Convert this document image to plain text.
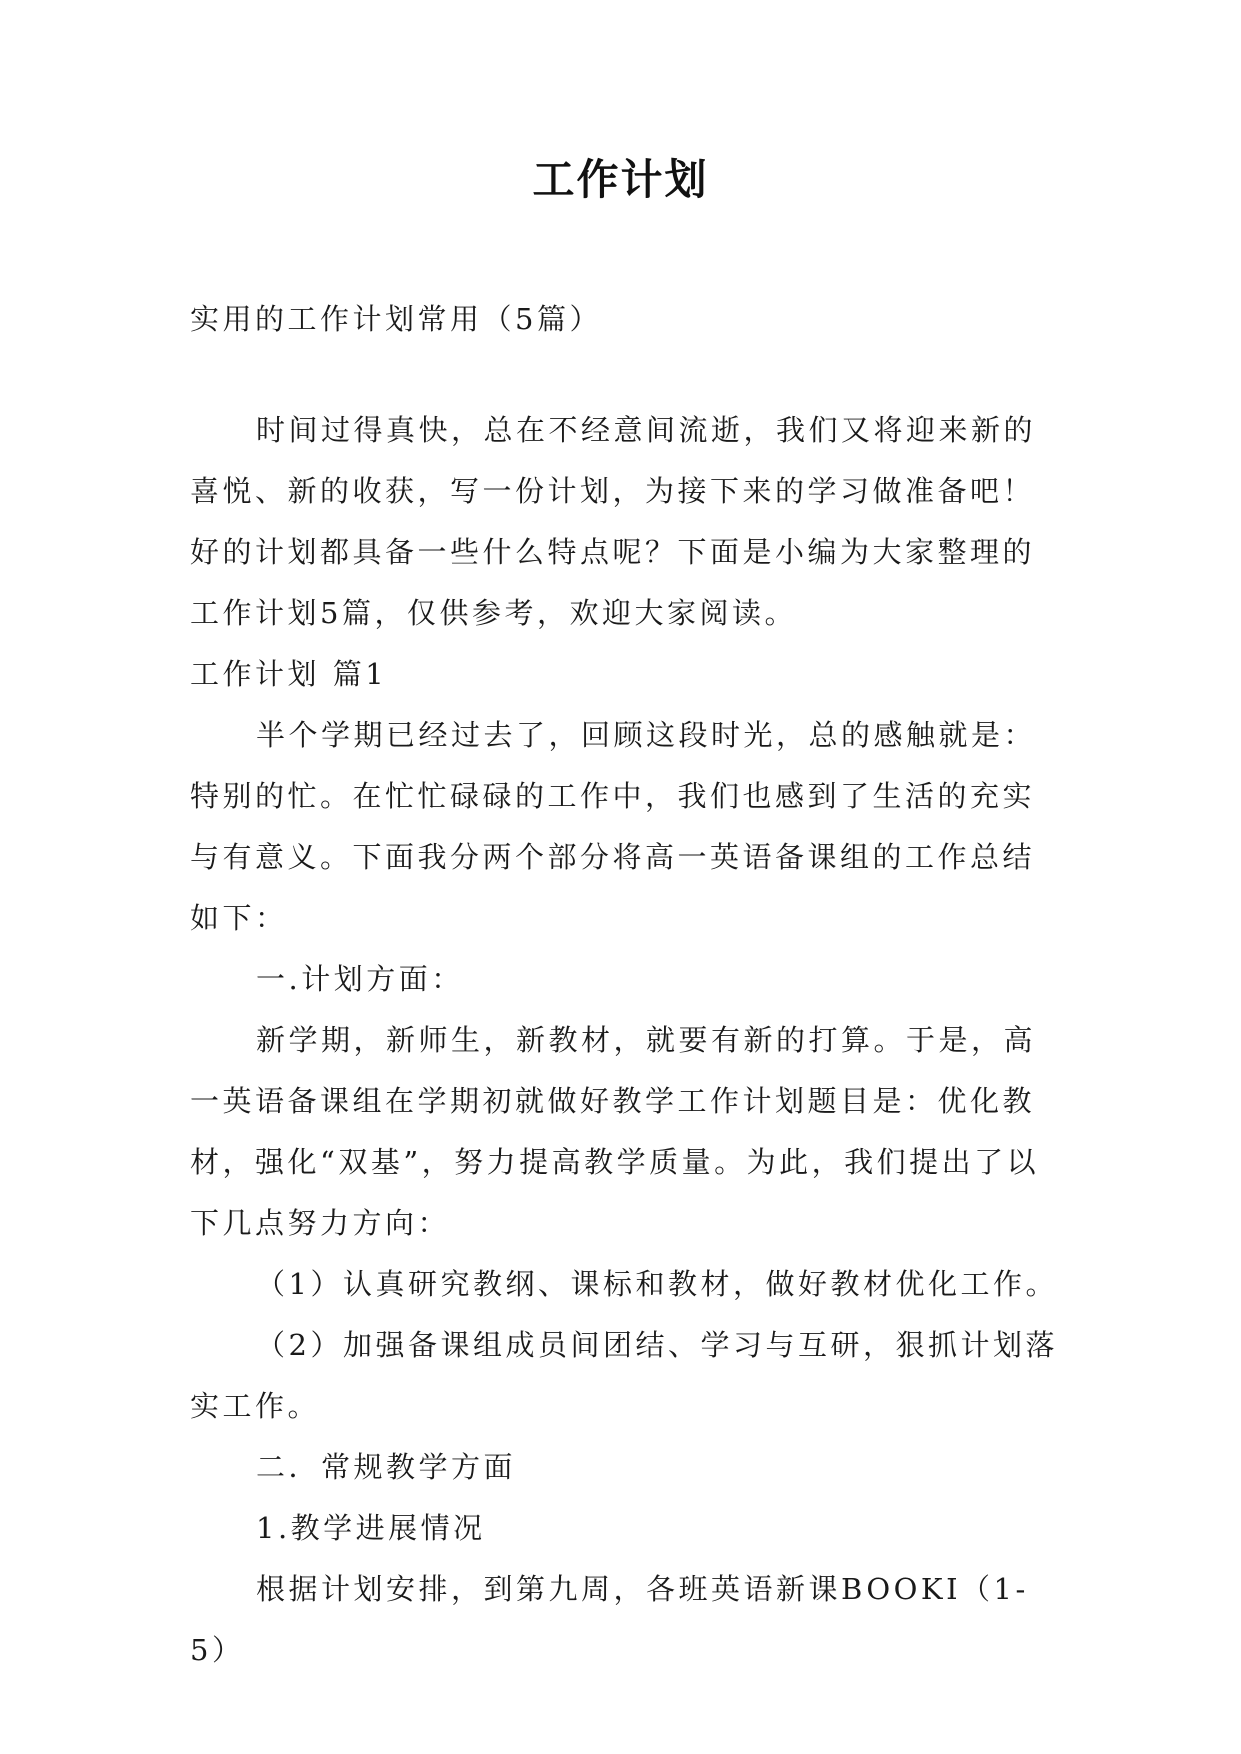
工作计划

实用的工作计划常用（5篇）

时间过得真快，总在不经意间流逝，我们又将迎来新的喜悦、新的收获，写一份计划，为接下来的学习做准备吧！好的计划都具备一些什么特点呢？下面是小编为大家整理的工作计划5篇，仅供参考，欢迎大家阅读。

工作计划 篇1

半个学期已经过去了，回顾这段时光，总的感触就是：特别的忙。在忙忙碌碌的工作中，我们也感到了生活的充实与有意义。下面我分两个部分将高一英语备课组的工作总结如下：

一.计划方面：

新学期，新师生，新教材，就要有新的打算。于是，高一英语备课组在学期初就做好教学工作计划题目是：优化教材，强化“双基”，努力提高教学质量。为此，我们提出了以下几点努力方向：

（1）认真研究教纲、课标和教材，做好教材优化工作。

（2）加强备课组成员间团结、学习与互研，狠抓计划落实工作。

二．常规教学方面

1.教学进展情况

根据计划安排，到第九周，各班英语新课BOOKI（1-5）
